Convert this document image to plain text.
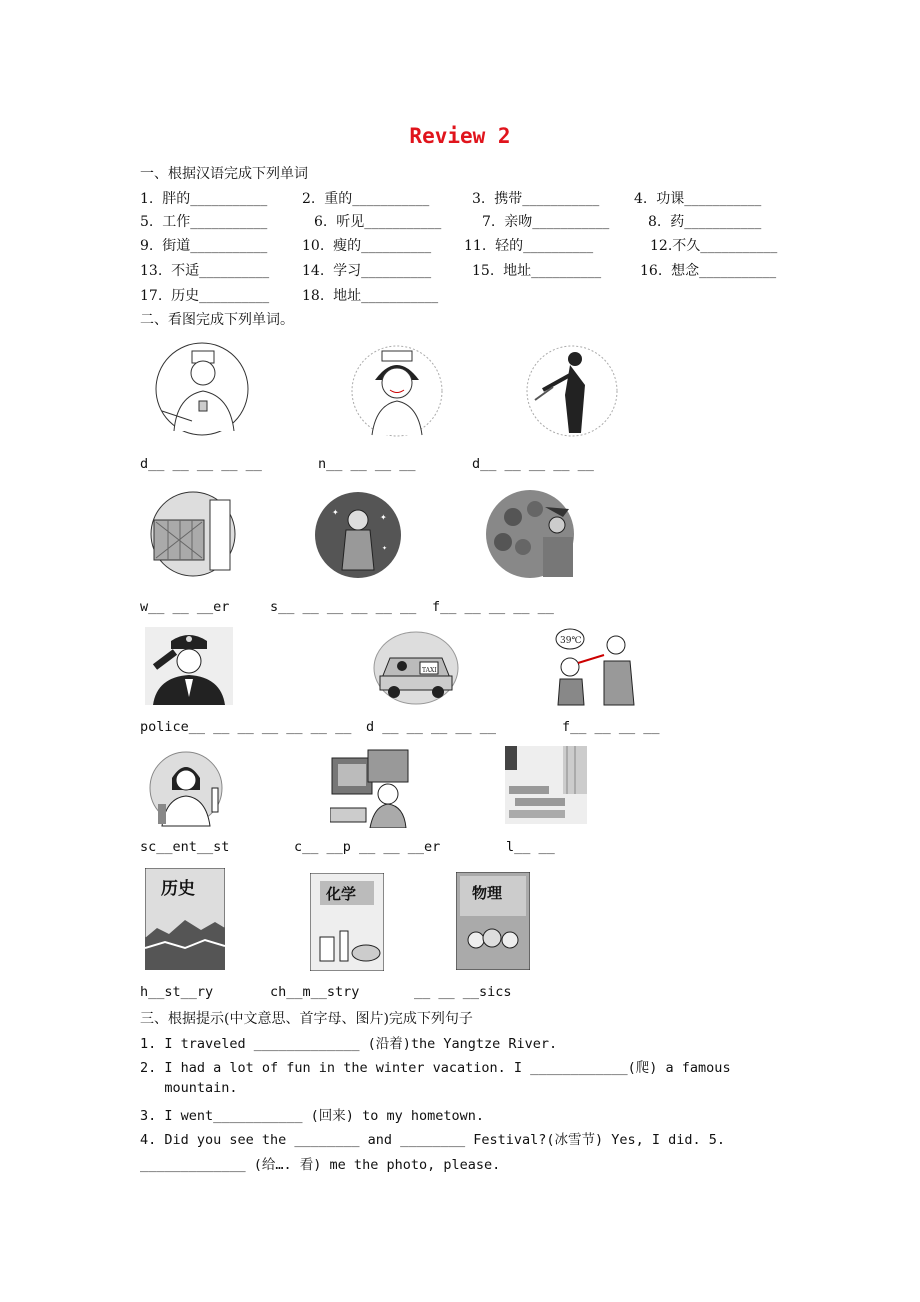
Review 2
一、根据汉语完成下列单词
1.  胖的___________ 2.  重的___________	3.  携带___________ 4.  功课___________
5.  工作___________	6.  听见___________	7.  亲吻___________	8.  药___________
9.  街道___________ 10.  瘦的__________ 11.  轻的__________	12.不久___________
13.  不适__________ 14.  学习__________	15.  地址__________	16.  想念___________
17.  历史__________ 18.  地址___________
二、看图完成下列单词。
d__ __ __ __ __	n__ __ __ __	d__ __ __ __ __
✦
✦
✦
w__ __ __er	s__ __ __ __ __ __ f__ __ __ __ __
TAXI
39℃
police__ __ __ __ __ __ __ d __ __ __ __ __	f__ __ __ __
sc__ent__st	c__ __p __ __ __er	l__ __
历史	化学	物理
h__st__ry	ch__m__stry	__ __ __sics
三、根据提示(中文意思、首字母、图片)完成下列句子
1. I traveled _____________ (沿着)the Yangtze River.
2. I had a lot of fun in the winter vacation. I ____________(爬) a famous
mountain.
3. I went___________ (回来) to my hometown.
4. Did you see the ________ and ________ Festival?(冰雪节) Yes, I did. 5.
_____________ (给…. 看) me the photo, please.
